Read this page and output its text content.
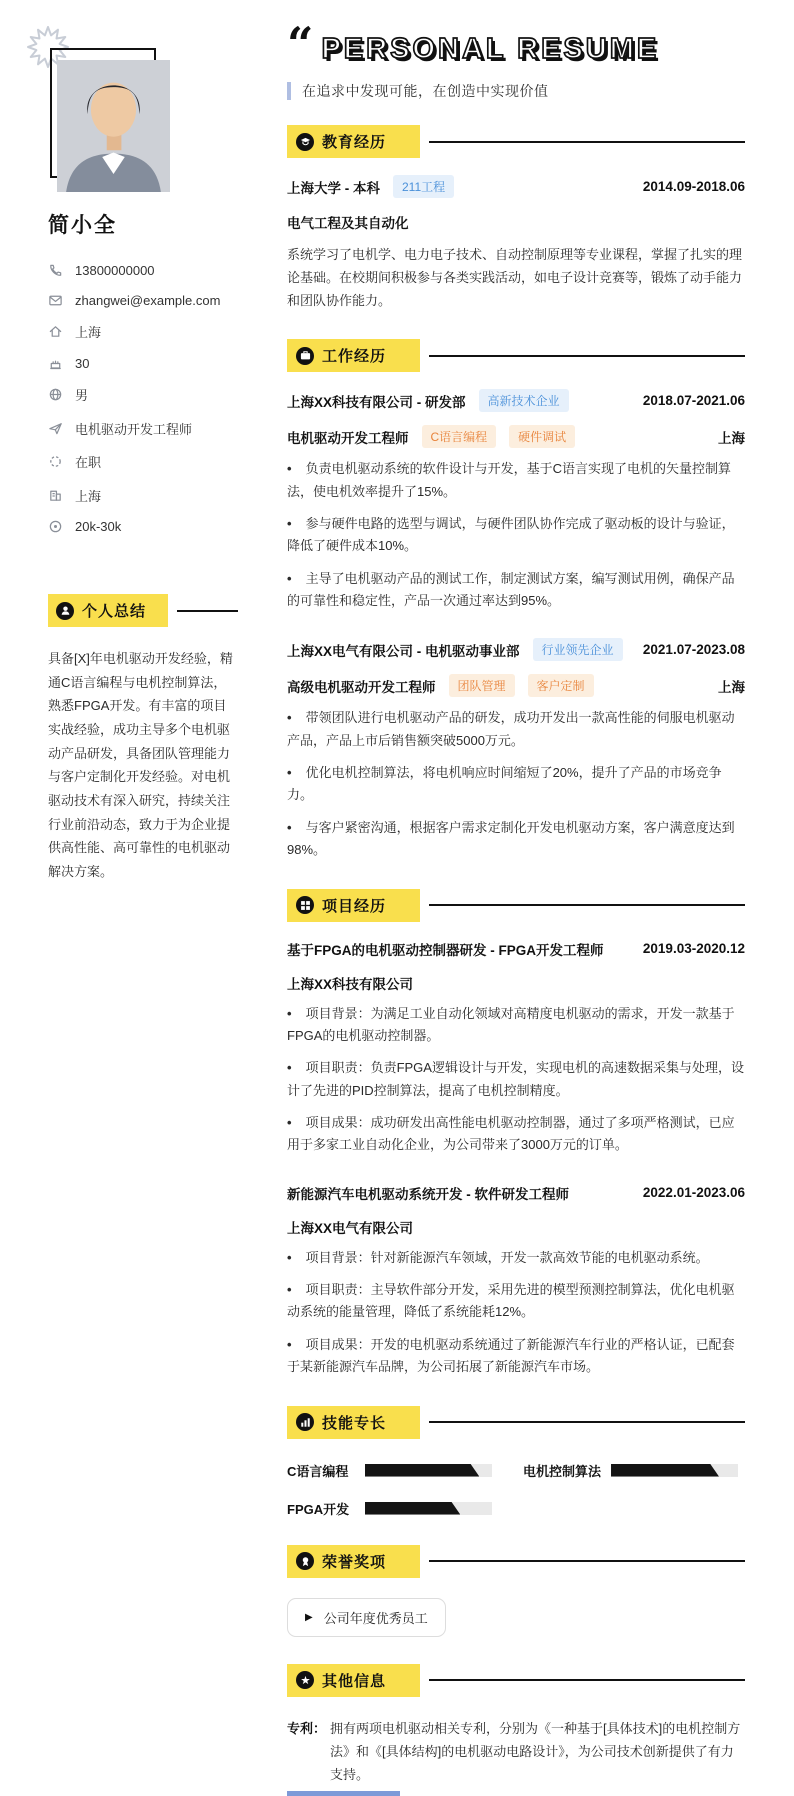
简小全
13800000000
zhangwei@example.com
上海
30
男
电机驱动开发工程师
在职
上海
20k-30k
个人总结

具备[X]年电机驱动开发经验，精通C语言编程与电机控制算法，熟悉FPGA开发。有丰富的项目实战经验，成功主导多个电机驱动产品研发，具备团队管理能力与客户定制化开发经验。对电机驱动技术有深入研究，持续关注行业前沿动态，致力于为企业提供高性能、高可靠性的电机驱动解决方案。

“ PERSONAL RESUME
在追求中发现可能，在创造中实现价值
教育经历
上海大学 - 本科	211工程	2014.09-2018.06
电气工程及其自动化

系统学习了电机学、电力电子技术、自动控制原理等专业课程，掌握了扎实的理论基础。在校期间积极参与各类实践活动，如电子设计竞赛等，锻炼了动手能力和团队协作能力。

工作经历
上海XX科技有限公司 - 研发部	高新技术企业	2018.07-2021.06
电机驱动开发工程师	C语言编程	硬件调试	上海

• 负责电机驱动系统的软件设计与开发，基于C语言实现了电机的矢量控制算法，使电机效率提升了15%。

• 参与硬件电路的选型与调试，与硬件团队协作完成了驱动板的设计与验证，降低了硬件成本10%。

• 主导了电机驱动产品的测试工作，制定测试方案，编写测试用例，确保产品的可靠性和稳定性，产品一次通过率达到95%。

上海XX电气有限公司 - 电机驱动事业部	行业领先企业	2021.07-2023.08
高级电机驱动开发工程师	团队管理	客户定制	上海

• 带领团队进行电机驱动产品的研发，成功开发出一款高性能的伺服电机驱动产品，产品上市后销售额突破5000万元。

• 优化电机控制算法，将电机响应时间缩短了20%，提升了产品的市场竞争力。

• 与客户紧密沟通，根据客户需求定制化开发电机驱动方案，客户满意度达到98%。

项目经历
基于FPGA的电机驱动控制器研发 - FPGA开发工程师	2019.03-2020.12
上海XX科技有限公司

• 项目背景：为满足工业自动化领域对高精度电机驱动的需求，开发一款基于FPGA的电机驱动控制器。

• 项目职责：负责FPGA逻辑设计与开发，实现电机的高速数据采集与处理，设计了先进的PID控制算法，提高了电机控制精度。

• 项目成果：成功研发出高性能电机驱动控制器，通过了多项严格测试，已应用于多家工业自动化企业，为公司带来了3000万元的订单。

新能源汽车电机驱动系统开发 - 软件研发工程师	2022.01-2023.06
上海XX电气有限公司

• 项目背景：针对新能源汽车领域，开发一款高效节能的电机驱动系统。

• 项目职责：主导软件部分开发，采用先进的模型预测控制算法，优化电机驱动系统的能量管理，降低了系统能耗12%。

• 项目成果：开发的电机驱动系统通过了新能源汽车行业的严格认证，已配套于某新能源汽车品牌，为公司拓展了新能源汽车市场。

技能专长
C语言编程	电机控制算法
FPGA开发
荣誉奖项
▶ 公司年度优秀员工
其他信息
专利： 拥有两项电机驱动相关专利，分别为《一种基于[具体技术]的电机控制方法》和《[具体结构]的电机驱动电路设计》，为公司技术创新提供了有力支持。
